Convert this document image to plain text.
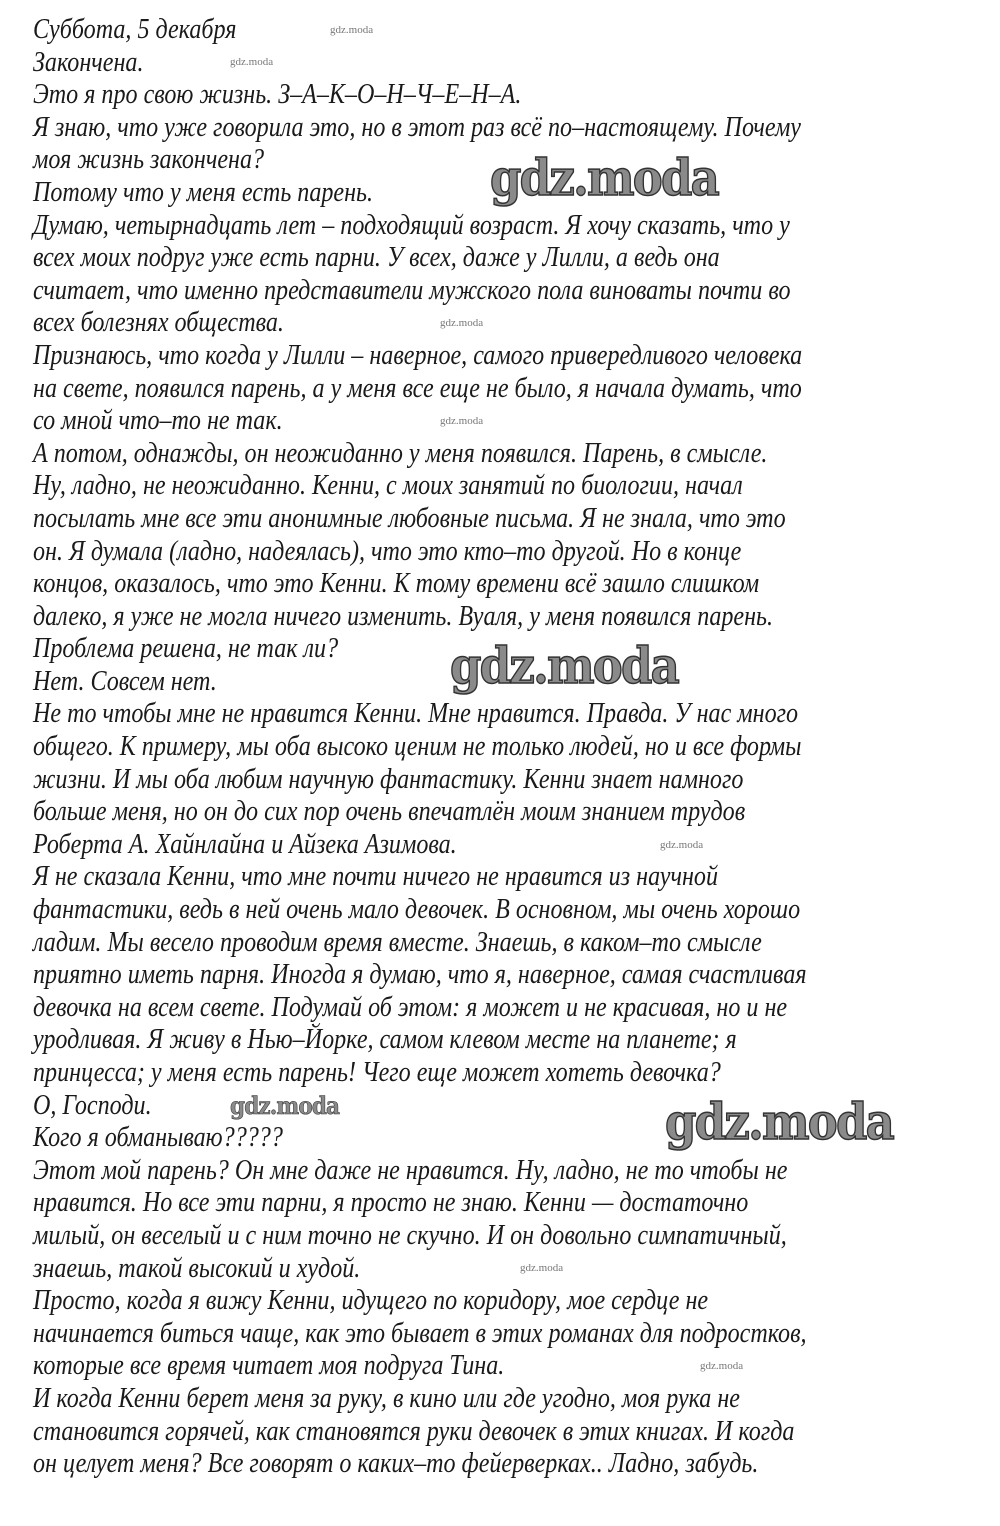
Суббота, 5 декабря
Закончена.
Это я про свою жизнь. З–А–К–О–Н–Ч–Е–Н–А.
Я знаю, что уже говорила это, но в этот раз всё по–настоящему. Почему
моя жизнь закончена?
Потому что у меня есть парень.
Думаю, четырнадцать лет – подходящий возраст. Я хочу сказать, что у
всех моих подруг уже есть парни. У всех, даже у Лилли, а ведь она
считает, что именно представители мужского пола виноваты почти во
всех болезнях общества.
Признаюсь, что когда у Лилли – наверное, самого привередливого человека
на свете, появился парень, а у меня все еще не было, я начала думать, что
со мной что–то не так.
А потом, однажды, он неожиданно у меня появился. Парень, в смысле.
Ну, ладно, не неожиданно. Кенни, с моих занятий по биологии, начал
посылать мне все эти анонимные любовные письма. Я не знала, что это
он. Я думала (ладно, надеялась), что это кто–то другой. Но в конце
концов, оказалось, что это Кенни. К тому времени всё зашло слишком
далеко, я уже не могла ничего изменить. Вуаля, у меня появился парень.
Проблема решена, не так ли?
Нет. Совсем нет.
Не то чтобы мне не нравится Кенни. Мне нравится. Правда. У нас много
общего. К примеру, мы оба высоко ценим не только людей, но и все формы
жизни. И мы оба любим научную фантастику. Кенни знает намного
больше меня, но он до сих пор очень впечатлён моим знанием трудов
Роберта А. Хайнлайна и Айзека Азимова.
Я не сказала Кенни, что мне почти ничего не нравится из научной
фантастики, ведь в ней очень мало девочек. В основном, мы очень хорошо
ладим. Мы весело проводим время вместе. Знаешь, в каком–то смысле
приятно иметь парня. Иногда я думаю, что я, наверное, самая счастливая
девочка на всем свете. Подумай об этом: я может и не красивая, но и не
уродливая. Я живу в Нью–Йорке, самом клевом месте на планете; я
принцесса; у меня есть парень! Чего еще может хотеть девочка?
О, Господи.
Кого я обманываю?????
Этот мой парень? Он мне даже не нравится. Ну, ладно, не то чтобы не
нравится. Но все эти парни, я просто не знаю. Кенни — достаточно
милый, он веселый и с ним точно не скучно. И он довольно симпатичный,
знаешь, такой высокий и худой.
Просто, когда я вижу Кенни, идущего по коридору, мое сердце не
начинается биться чаще, как это бывает в этих романах для подростков,
которые все время читает моя подруга Тина.
И когда Кенни берет меня за руку, в кино или где угодно, моя рука не
становится горячей, как становятся руки девочек в этих книгах. И когда
он целует меня? Все говорят о каких–то фейерверках.. Ладно, забудь.
gdz.moda
gdz.moda
gdz.moda
gdz.moda
gdz.moda
gdz.moda
gdz.moda
gdz.moda
gdz.moda
gdz.moda
gdz.moda
